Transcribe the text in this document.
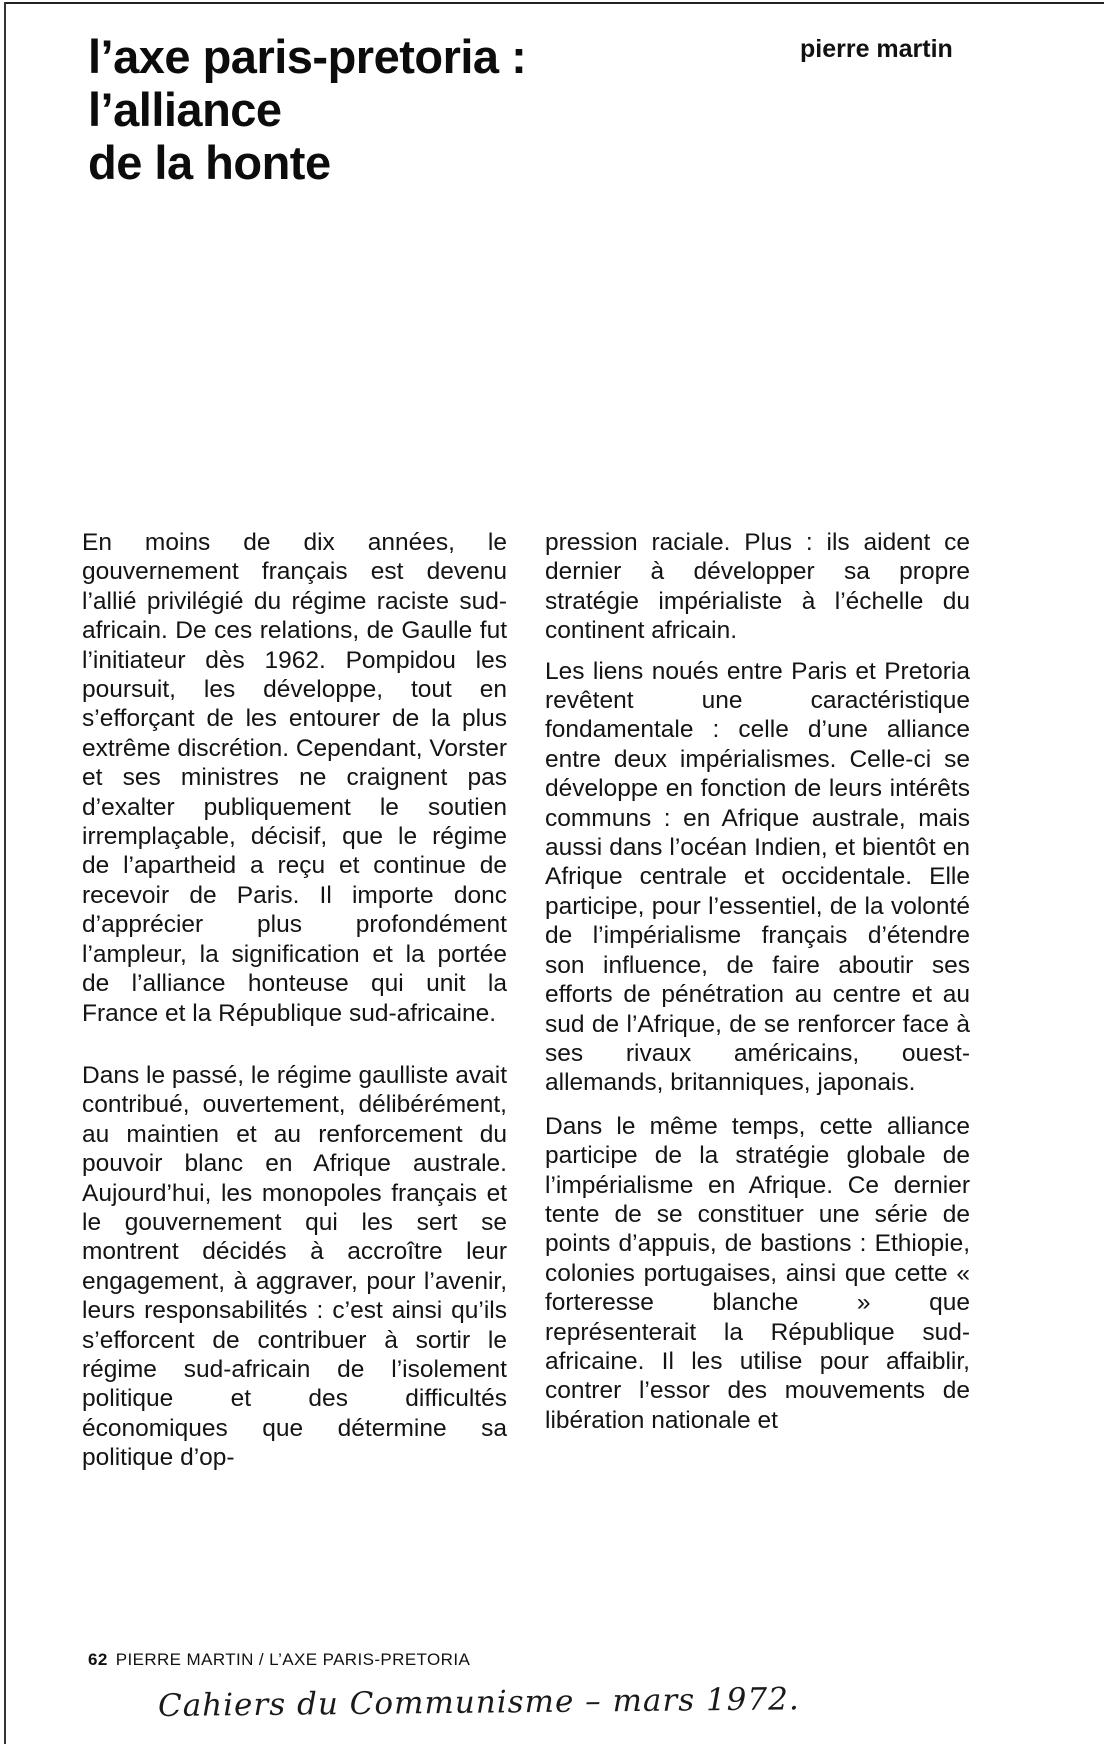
l’axe paris-pretoria :
l’alliance
de la honte

pierre martin

En moins de dix années, le gouvernement français est devenu l’allié privilégié du régime raciste sud-africain. De ces relations, de Gaulle fut l’initiateur dès 1962. Pompidou les poursuit, les développe, tout en s’efforçant de les entourer de la plus extrême discrétion. Cependant, Vorster et ses ministres ne craignent pas d’exalter publiquement le soutien irremplaçable, décisif, que le régime de l’apartheid a reçu et continue de recevoir de Paris. Il importe donc d’apprécier plus profondément l’ampleur, la signification et la portée de l’alliance honteuse qui unit la France et la République sud-africaine.

Dans le passé, le régime gaulliste avait contribué, ouvertement, délibérément, au maintien et au renforcement du pouvoir blanc en Afrique australe. Aujourd’hui, les monopoles français et le gouvernement qui les sert se montrent décidés à accroître leur engagement, à aggraver, pour l’avenir, leurs responsabilités : c’est ainsi qu’ils s’efforcent de contribuer à sortir le régime sud-africain de l’isolement politique et des difficultés économiques que détermine sa politique d’op-

pression raciale. Plus : ils aident ce dernier à développer sa propre stratégie impérialiste à l’échelle du continent africain.

Les liens noués entre Paris et Pretoria revêtent une caractéristique fondamentale : celle d’une alliance entre deux impérialismes. Celle-ci se développe en fonction de leurs intérêts communs : en Afrique australe, mais aussi dans l’océan Indien, et bientôt en Afrique centrale et occidentale. Elle participe, pour l’essentiel, de la volonté de l’impérialisme français d’étendre son influence, de faire aboutir ses efforts de pénétration au centre et au sud de l’Afrique, de se renforcer face à ses rivaux américains, ouest-allemands, britanniques, japonais.

Dans le même temps, cette alliance participe de la stratégie globale de l’impérialisme en Afrique. Ce dernier tente de se constituer une série de points d’appuis, de bastions : Ethiopie, colonies portugaises, ainsi que cette « forteresse blanche » que représenterait la République sud-africaine. Il les utilise pour affaiblir, contrer l’essor des mouvements de libération nationale et

62 PIERRE MARTIN / L’AXE PARIS-PRETORIA

Cahiers du Communisme – mars 1972.
